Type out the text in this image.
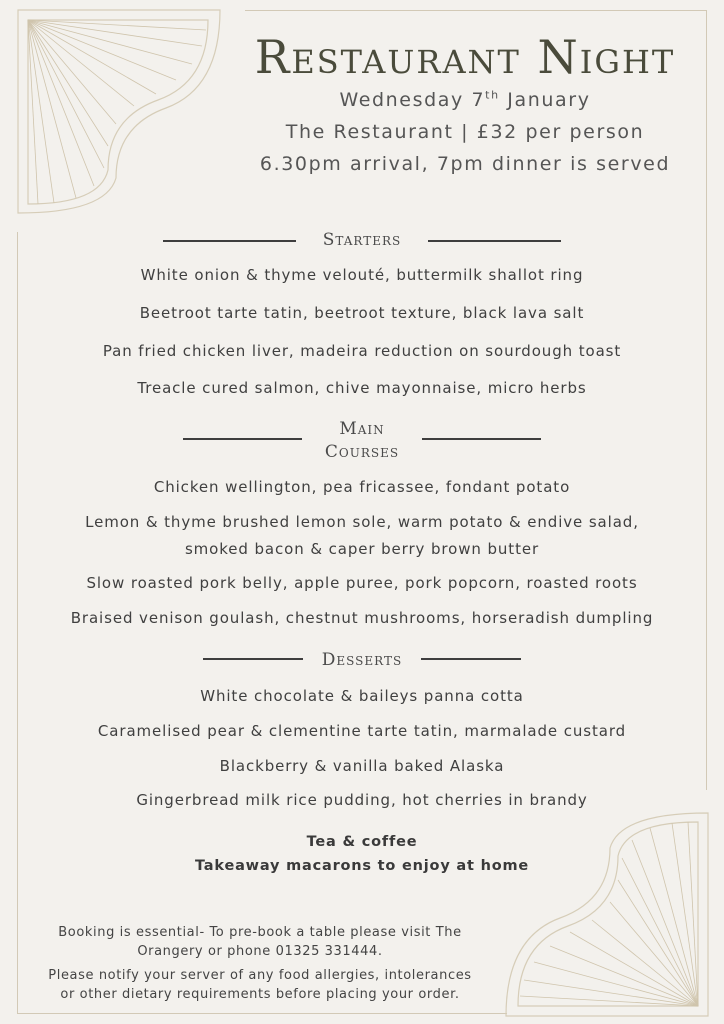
Restaurant Night
Wednesday 7th January
The Restaurant | £32 per person
6.30pm arrival, 7pm dinner is served
Starters
White onion & thyme velouté, buttermilk shallot ring
Beetroot tarte tatin, beetroot texture, black lava salt
Pan fried chicken liver, madeira reduction on sourdough toast
Treacle cured salmon, chive mayonnaise, micro herbs
Main
Courses
Chicken wellington, pea fricassee, fondant potato
Lemon & thyme brushed lemon sole, warm potato & endive salad,
smoked bacon & caper berry brown butter
Slow roasted pork belly, apple puree, pork popcorn, roasted roots
Braised venison goulash, chestnut mushrooms, horseradish dumpling
Desserts
White chocolate & baileys panna cotta
Caramelised pear & clementine tarte tatin, marmalade custard
Blackberry & vanilla baked Alaska
Gingerbread milk rice pudding, hot cherries in brandy
Tea & coffee
Takeaway macarons to enjoy at home
Booking is essential- To pre-book a table please visit The
Orangery or phone 01325 331444.
Please notify your server of any food allergies, intolerances
or other dietary requirements before placing your order.
